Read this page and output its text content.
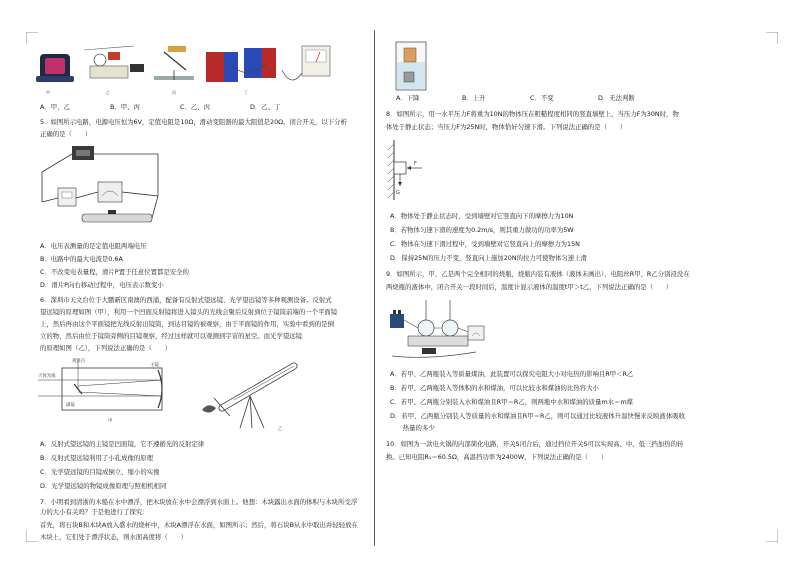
甲	乙	丙	丁
A．甲、乙	B．甲、丙	C．乙、丙	D．乙、丁
5．如图所示电路，电源电压恒为6V，定值电阻是10Ω，滑动变阻器的最大阻值是20Ω。闭合开关，以下分析
正确的是（　　）
A．电压表测量的是定值电阻两端电压
B．电路中的最大电流是0.6A
C．不改变电表量程，滑片P置于任意位置都是安全的
D．滑片P向右移动过程中，电压表示数变小
6．深圳市天文台位于大鹏新区南澳的西涌，配备有反射式望远镜、光学望远镜等多种观测设备。反射式
望远镜的原理如图（甲），利用一个凹面反射镜将进入镜头的光线会聚后反射到位于镜筒前端的一个平面镜
上，然后再由这个平面镜把光线反射出镜筒，到达目镜的被观察，由于平面镜的作用，实验中看到的是倒
立的物，然后由位于镜筒旁侧的目镜观察，经过这样就可以观测到宇宙的星空。而光学望远镜
的原理如图（乙），下列说法正确的是（　　）
观察点
天体光线
主镜
副镜
甲
乙
A．反射式望远镜的主镜是凹面镜，它不遵循光的反射定律
B．反射式望远镜利用了小孔成像的原理
C．光学望远镜的目镜成倒立、缩小的实像
D．光学望远镜的物镜成像原理与照相机相同
7．小明看到清浙的木船在水中漂浮，把木块放在水中会漂浮到水面上。他想：木块露出水面的体积与木块所受浮力的大小有关吗？于是他进行了探究：
首先，将石块B和木块A放入盛水的烧杯中，木块A漂浮在水面，如图所示；然后，将石块B从水中取出并轻轻放在
木块上，它们处于漂浮状态，则水面高度将（　　）
A．下降	B．上升	C．不变	D．无法判断
8．如图所示，用一水平压力F将重为10N的物体压在粗糙程度相同的竖直墙壁上，当压力F为30N时，物
体处于静止状态；当压力F为25N时，物体恰好匀速下滑。下列说法正确的是（　　）
F
G
A．物体处于静止状态时，受到墙壁对它竖直向下的摩擦力为10N
B．若物体匀速下滑的速度为0.2m/s，则其重力做功的功率为5W
C．物体在匀速下滑过程中，受到墙壁对它竖直向上的摩擦力为15N
D．保持25N的压力不变，竖直向上施加20N的拉力可使物体匀速上滑
9．如图所示，甲、乙是两个完全相同的烧瓶，烧瓶内装有液体（液体未画出），电阻丝R甲、R乙分别浸没在
两烧瓶的液体中，闭合开关一段时间后，温度计显示液体的温度t甲＞t乙，下列说法正确的是（　　）
A．若甲、乙两瓶装入等质量煤油，此装置可以探究电阻大小对电热的影响且R甲＜R乙
B．若甲、乙两瓶装入等体积的水和煤油，可以比较水和煤油的比热容大小
C．若甲、乙两瓶分别装入水和煤油且R甲＝R乙，则两瓶中水和煤油的质量m水＝m煤
D．若甲、乙两瓶分别装入等质量的水和煤油且R甲＝R乙，则可以通过比较液体升温快慢来反映液体吸收
　　热量的多少
10．如图为一款电火锅的内部简化电路，开关S闭合后，通过挡位开关S可以实现高、中、低三挡加热的转
换。已知电阻R₁＝60.5Ω，高温挡功率为2400W，下列说法正确的是（　　）
